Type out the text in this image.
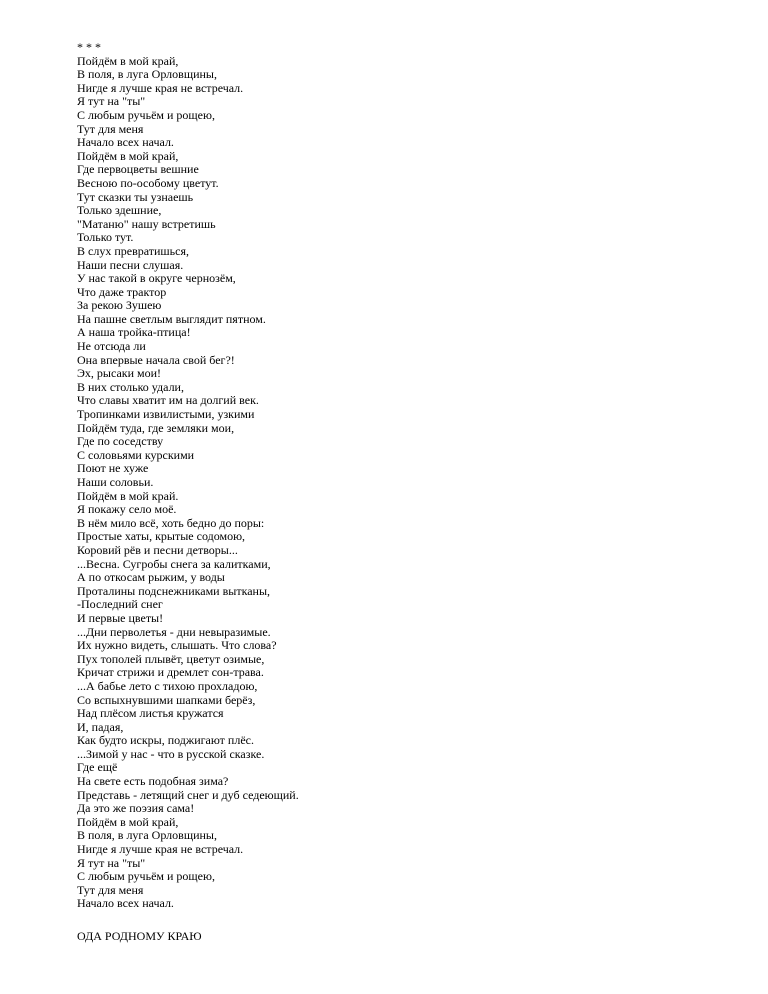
* * *
Пойдём в мой край,
В поля, в луга Орловщины,
Нигде я лучше края не встречал.
Я тут на "ты"
С любым ручьём и рощею,
Тут для меня
Начало всех начал.
Пойдём в мой край,
Где первоцветы вешние
Весною по-особому цветут.
Тут сказки ты узнаешь
Только здешние,
"Матаню" нашу встретишь
Только тут.
В слух превратишься,
Наши песни слушая.
У нас такой в округе чернозём,
Что даже трактор
За рекою Зушею
На пашне светлым выглядит пятном.
А наша тройка-птица!
Не отсюда ли
Она впервые начала свой бег?!
Эх, рысаки мои!
В них столько удали,
Что славы хватит им на долгий век.
Тропинками извилистыми, узкими
Пойдём туда, где земляки мои,
Где по соседству
С соловьями курскими
Поют не хуже
Наши соловьи.
Пойдём в мой край.
Я покажу село моё.
В нём мило всё, хоть бедно до поры:
Простые хаты, крытые содомою,
Коровий рёв и песни детворы...
...Весна. Сугробы снега за калитками,
А по откосам рыжим, у воды
Проталины подснежниками вытканы,
-Последний снег
И первые цветы!
...Дни перволетья - дни невыразимые.
Их нужно видеть, слышать. Что слова?
Пух тополей плывёт, цветут озимые,
Кричат стрижи и дремлет сон-трава.
...А бабье лето с тихою прохладою,
Со вспыхнувшими шапками берёз,
Над плёсом листья кружатся
И, падая,
Как будто искры, поджигают плёс.
...Зимой у нас - что в русской сказке.
Где ещё
На свете есть подобная зима?
Представь - летящий снег и дуб седеющий.
Да это же поэзия сама!
Пойдём в мой край,
В поля, в луга Орловщины,
Нигде я лучше края не встречал.
Я тут на "ты"
С любым ручьём и рощею,
Тут для меня
Начало всех начал.
ОДА РОДНОМУ КРАЮ
